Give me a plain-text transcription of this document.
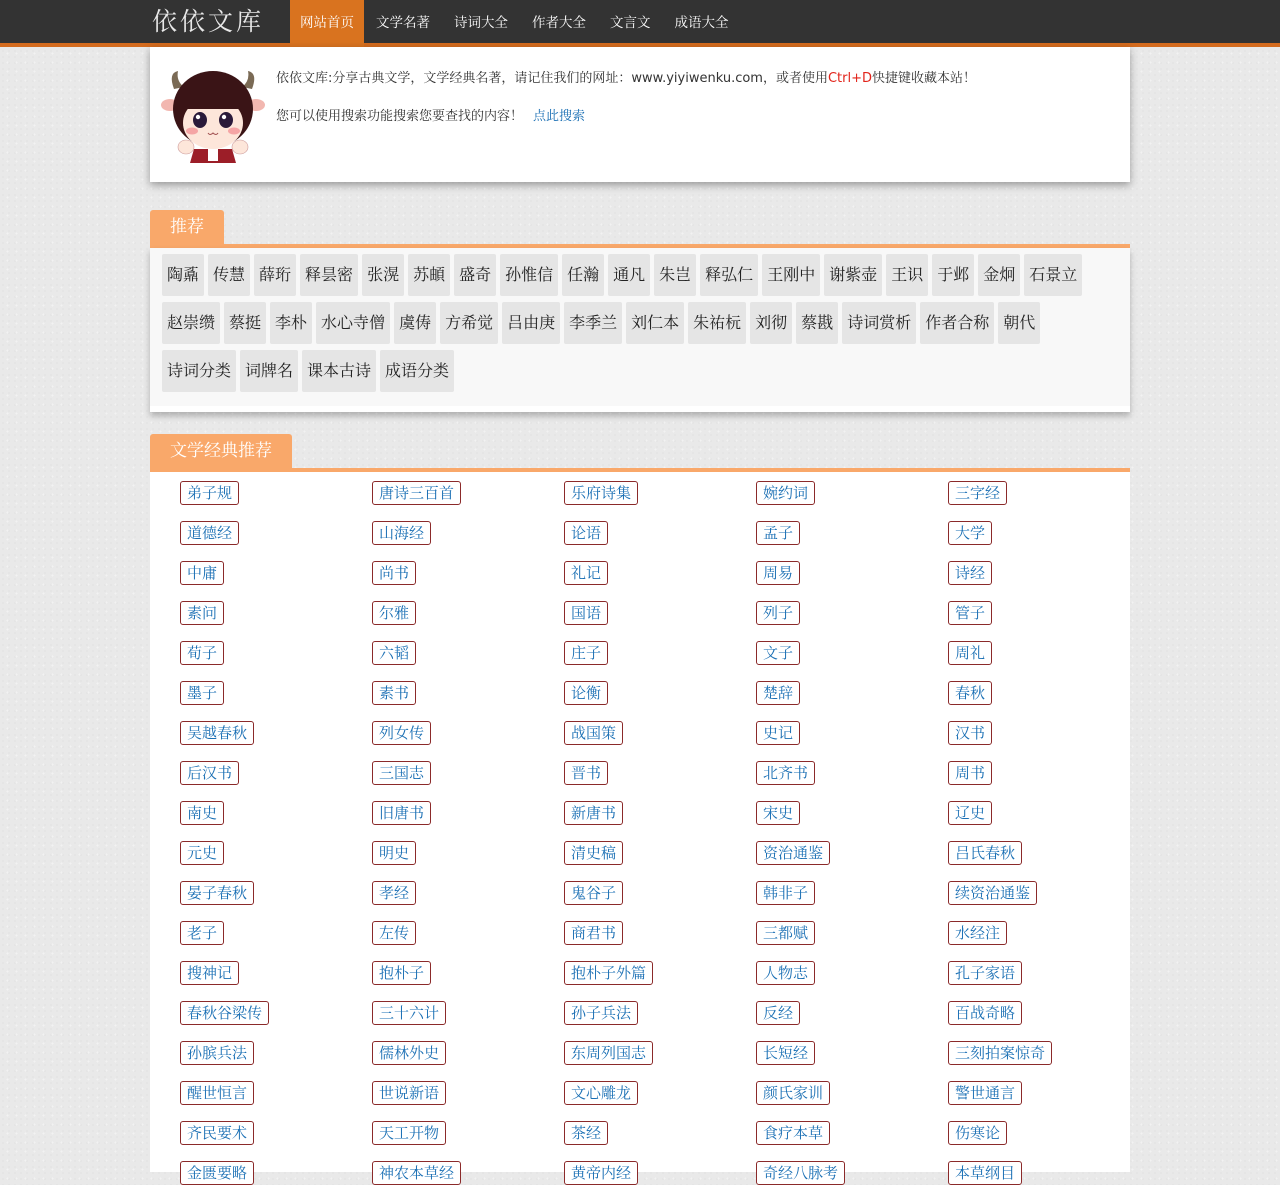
依依文库	网站首页	文学名著	诗词大全	作者大全	文言文	成语大全

依依文库:分享古典文学，文学经典名著，请记住我们的网址：www.yiyiwenku.com，或者使用Ctrl+D快捷键收藏本站！

您可以使用搜索功能搜索您要查找的内容！ 点此搜索

推荐
陶鼒 传慧 薛珩 释昙密 张滉 苏頔 盛奇 孙惟信 任瀚 通凡 朱岂 释弘仁 王刚中 谢紫壶 王识 于邺 金炯 石景立
赵崇缵 蔡挺 李朴 水心寺僧 虞俦 方希觉 吕由庚 李季兰 刘仁本 朱祐杬 刘彻 蔡戡 诗词赏析 作者合称 朝代
诗词分类 词牌名 课本古诗 成语分类
文学经典推荐
弟子规	唐诗三百首	乐府诗集	婉约词	三字经
道德经	山海经	论语	孟子	大学
中庸	尚书	礼记	周易	诗经
素问	尔雅	国语	列子	管子
荀子	六韬	庄子	文子	周礼
墨子	素书	论衡	楚辞	春秋
吴越春秋	列女传	战国策	史记	汉书
后汉书	三国志	晋书	北齐书	周书
南史	旧唐书	新唐书	宋史	辽史
元史	明史	清史稿	资治通鉴	吕氏春秋
晏子春秋	孝经	鬼谷子	韩非子	续资治通鉴
老子	左传	商君书	三都赋	水经注
搜神记	抱朴子	抱朴子外篇	人物志	孔子家语
春秋谷梁传	三十六计	孙子兵法	反经	百战奇略
孙膑兵法	儒林外史	东周列国志	长短经	三刻拍案惊奇
醒世恒言	世说新语	文心雕龙	颜氏家训	警世通言
齐民要术	天工开物	茶经	食疗本草	伤寒论
金匮要略	神农本草经	黄帝内经	奇经八脉考	本草纲目
